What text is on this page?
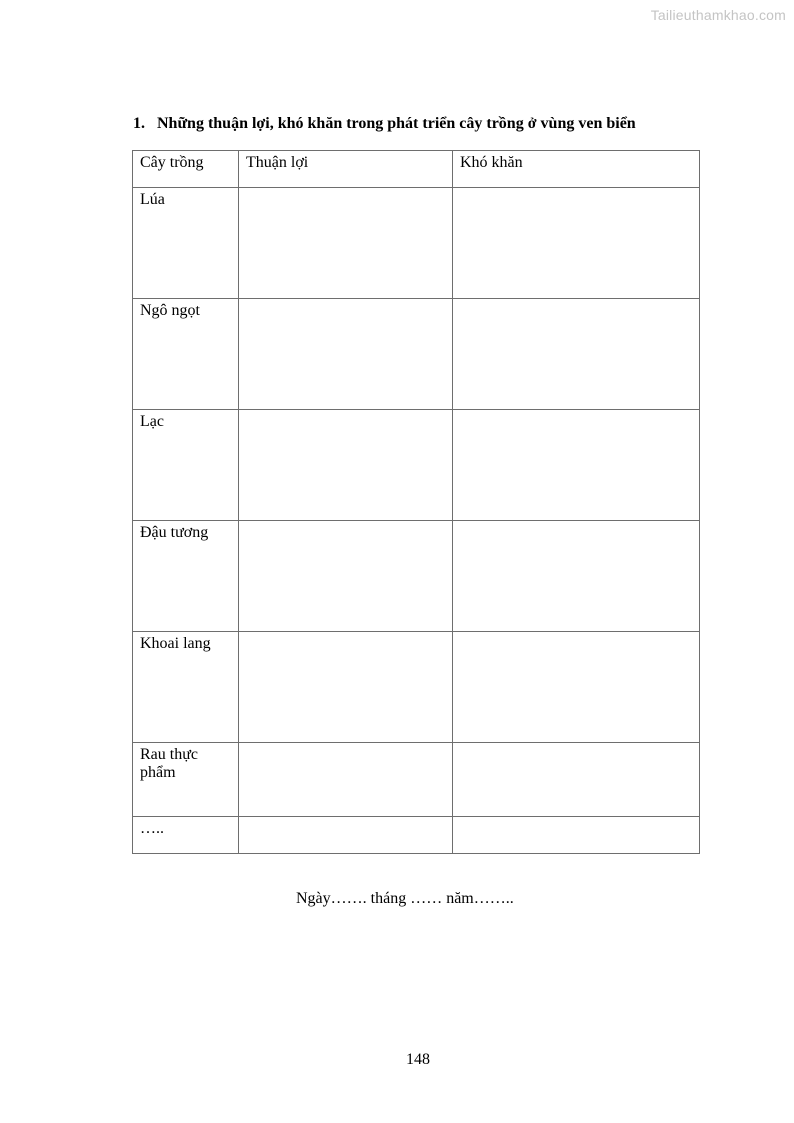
Tailieuthamkhao.com
1. Những thuận lợi, khó khăn trong phát triển cây trồng ở vùng ven biển
Cây trồng	Thuận lợi	Khó khăn
Lúa		
Ngô ngọt		
Lạc		
Đậu tương		
Khoai lang		
Rau thực phẩm		
…..		
Ngày……. tháng …… năm……..
148
